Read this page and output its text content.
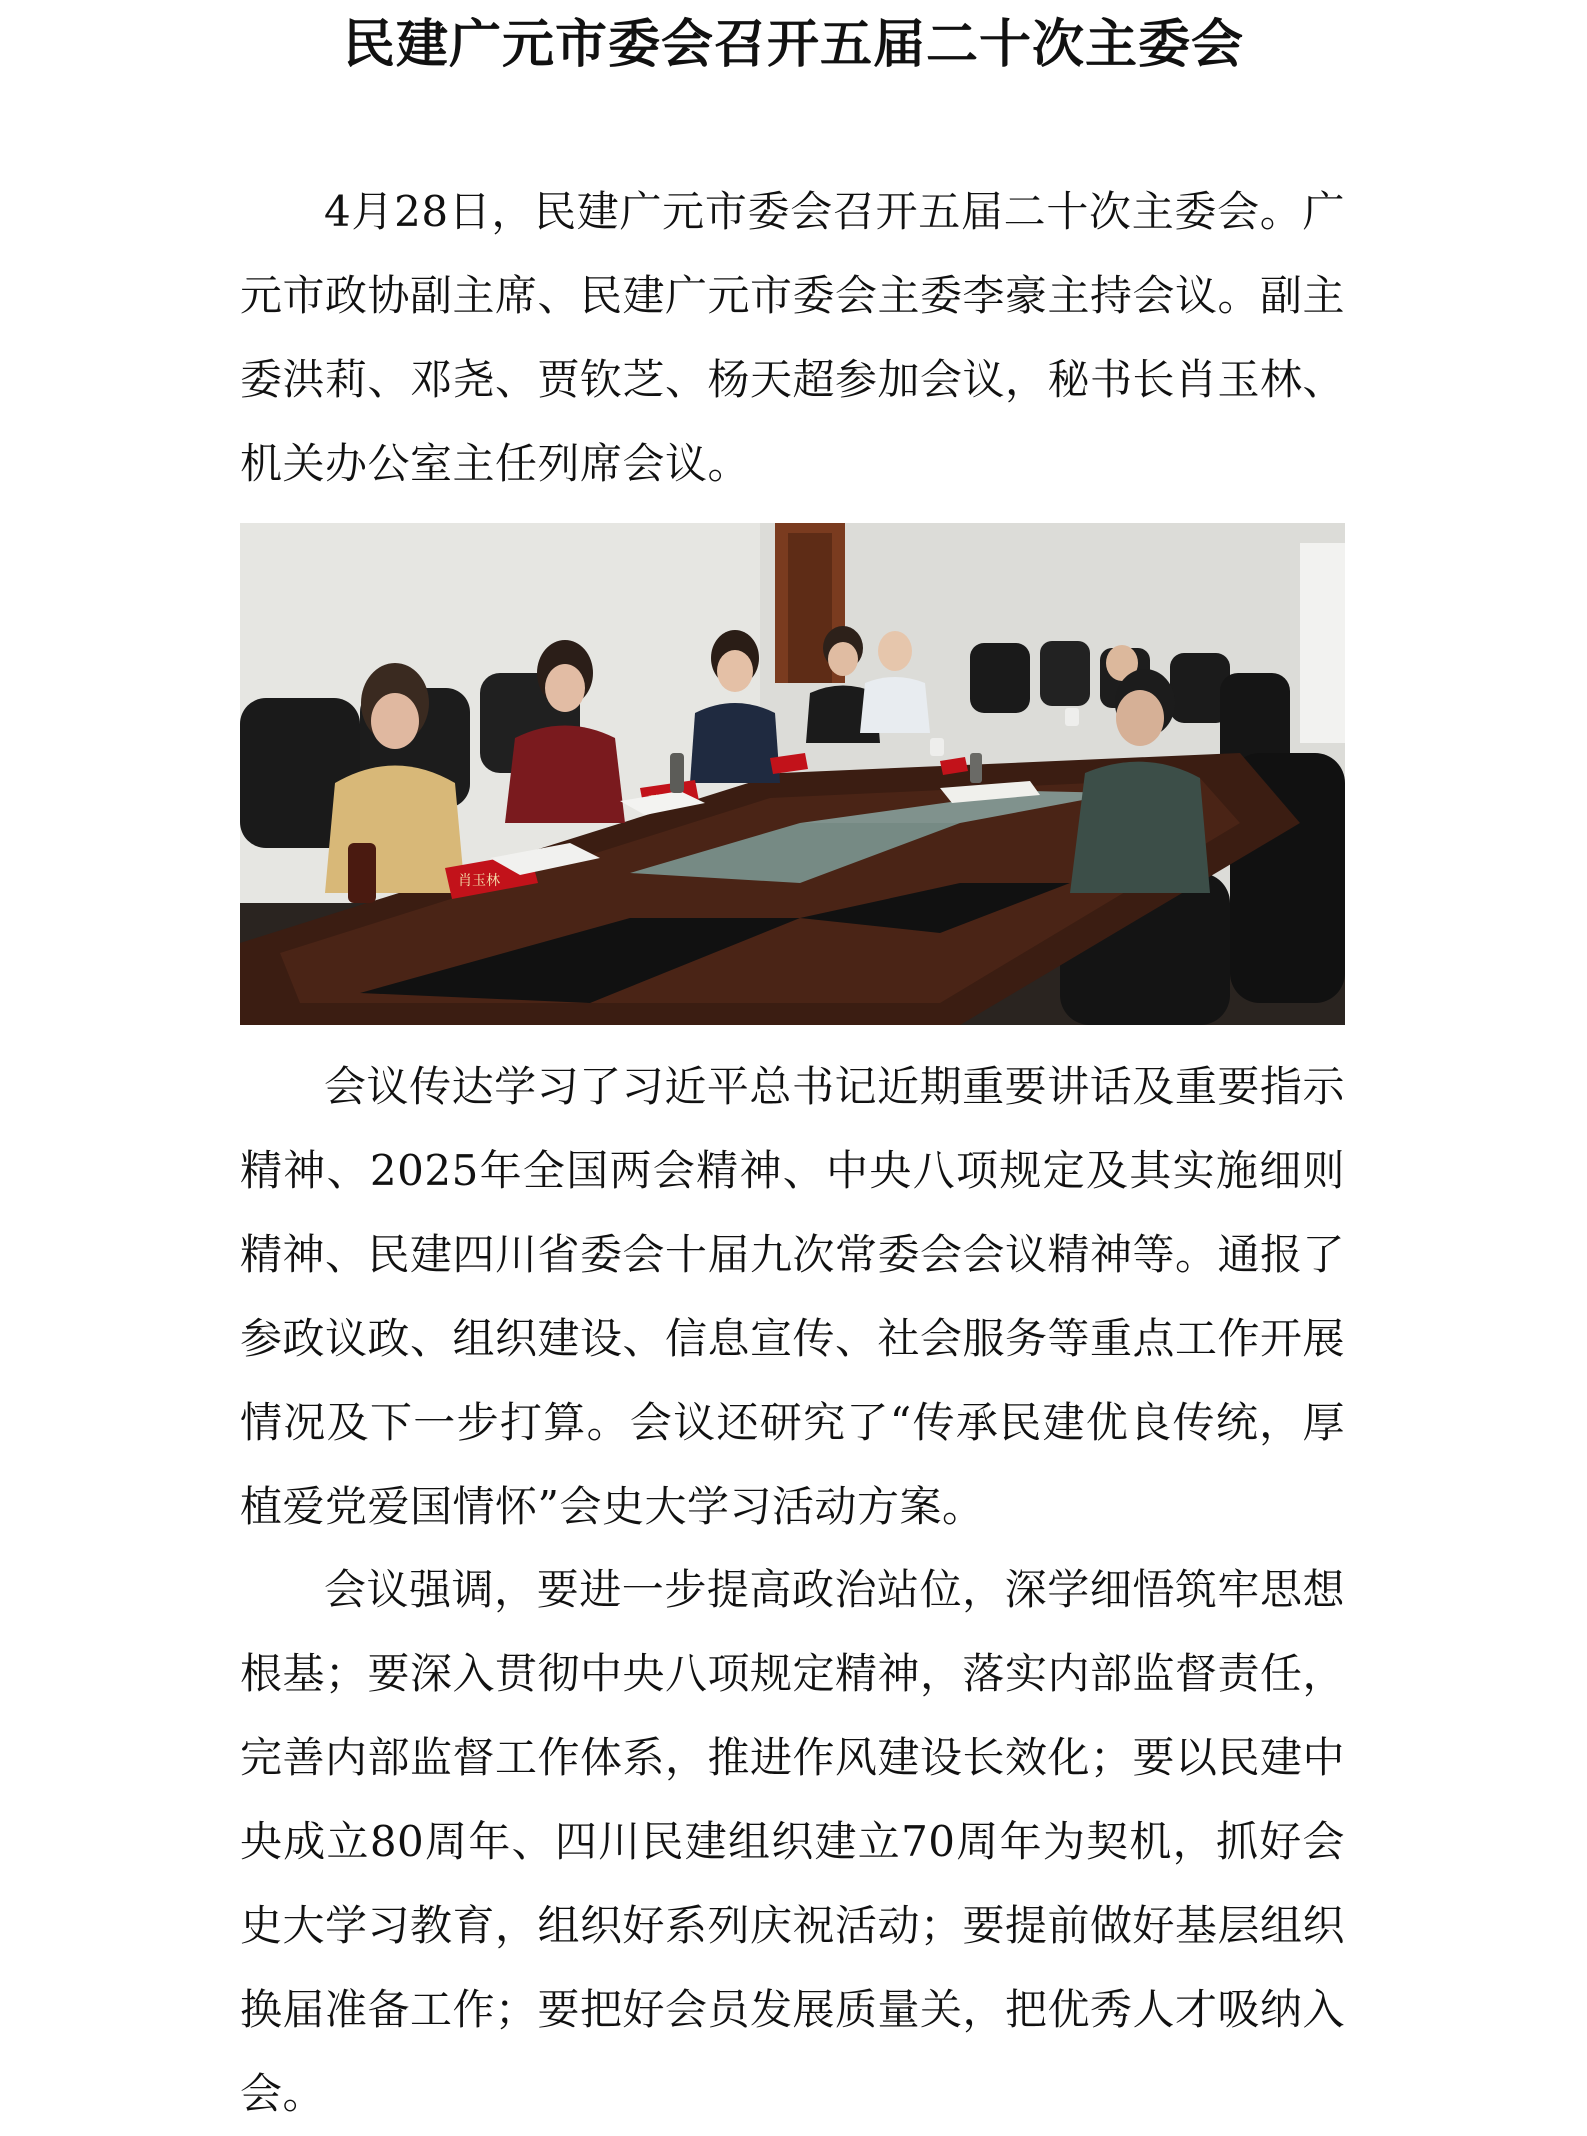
民建广元市委会召开五届二十次主委会

4月28日，民建广元市委会召开五届二十次主委会。广元市政协副主席、民建广元市委会主委李豪主持会议。副主委洪莉、邓尧、贾钦芝、杨天超参加会议，秘书长肖玉林、机关办公室主任列席会议。

肖玉林

会议传达学习了习近平总书记近期重要讲话及重要指示精神、2025年全国两会精神、中央八项规定及其实施细则精神、民建四川省委会十届九次常委会会议精神等。通报了参政议政、组织建设、信息宣传、社会服务等重点工作开展情况及下一步打算。会议还研究了“传承民建优良传统，厚植爱党爱国情怀”会史大学习活动方案。

会议强调，要进一步提高政治站位，深学细悟筑牢思想根基；要深入贯彻中央八项规定精神，落实内部监督责任，完善内部监督工作体系，推进作风建设长效化；要以民建中央成立80周年、四川民建组织建立70周年为契机，抓好会史大学习教育，组织好系列庆祝活动；要提前做好基层组织换届准备工作；要把好会员发展质量关，把优秀人才吸纳入会。
